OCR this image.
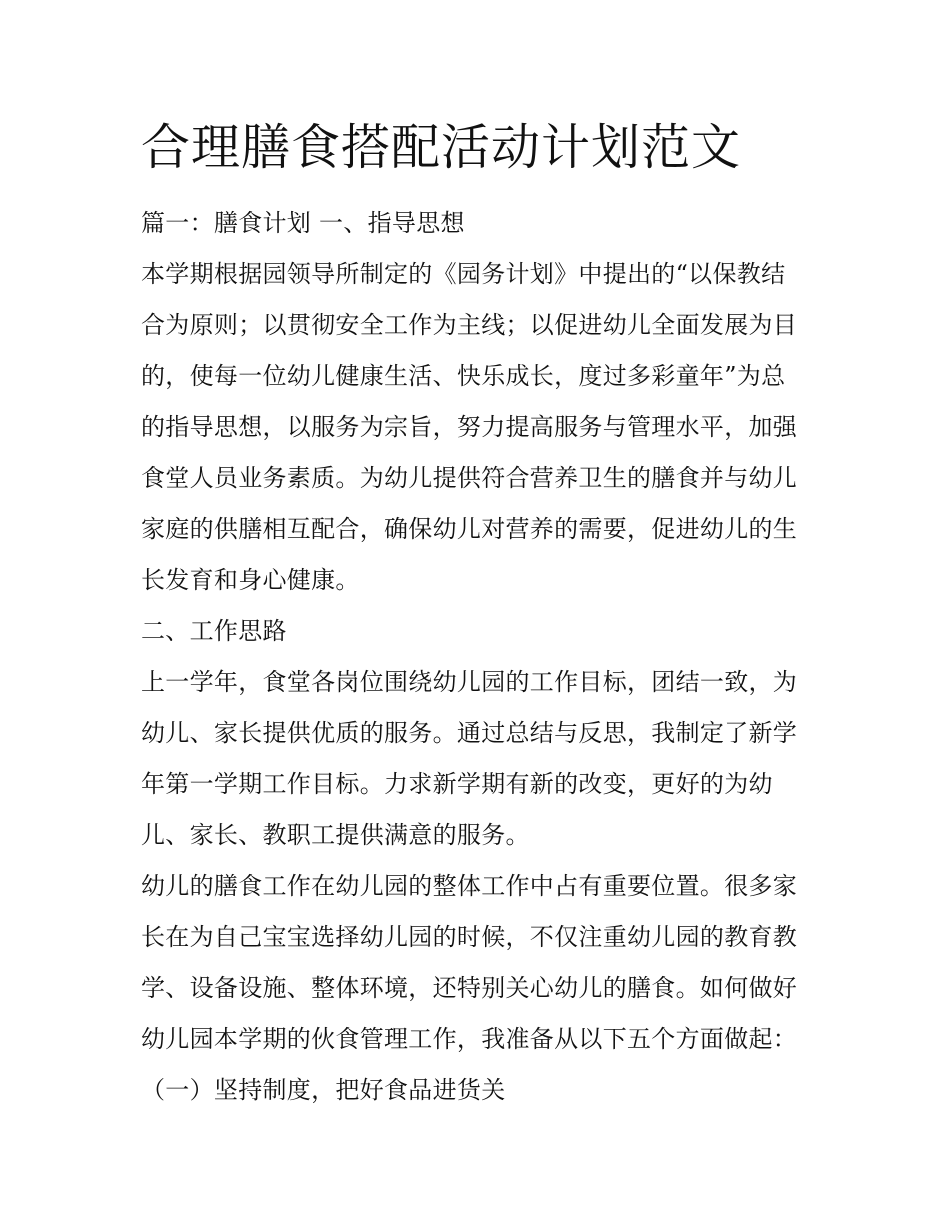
合理膳食搭配活动计划范文
篇一：膳食计划 一、指导思想
本学期根据园领导所制定的《园务计划》中提出的“以保教结
合为原则；以贯彻安全工作为主线；以促进幼儿全面发展为目
的，使每一位幼儿健康生活、快乐成长，度过多彩童年”为总
的指导思想，以服务为宗旨，努力提高服务与管理水平，加强
食堂人员业务素质。为幼儿提供符合营养卫生的膳食并与幼儿
家庭的供膳相互配合，确保幼儿对营养的需要，促进幼儿的生
长发育和身心健康。
二、工作思路
上一学年，食堂各岗位围绕幼儿园的工作目标，团结一致，为
幼儿、家长提供优质的服务。通过总结与反思，我制定了新学
年第一学期工作目标。力求新学期有新的改变，更好的为幼
儿、家长、教职工提供满意的服务。
幼儿的膳食工作在幼儿园的整体工作中占有重要位置。很多家
长在为自己宝宝选择幼儿园的时候，不仅注重幼儿园的教育教
学、设备设施、整体环境，还特别关心幼儿的膳食。如何做好
幼儿园本学期的伙食管理工作，我准备从以下五个方面做起：
（一）坚持制度，把好食品进货关
